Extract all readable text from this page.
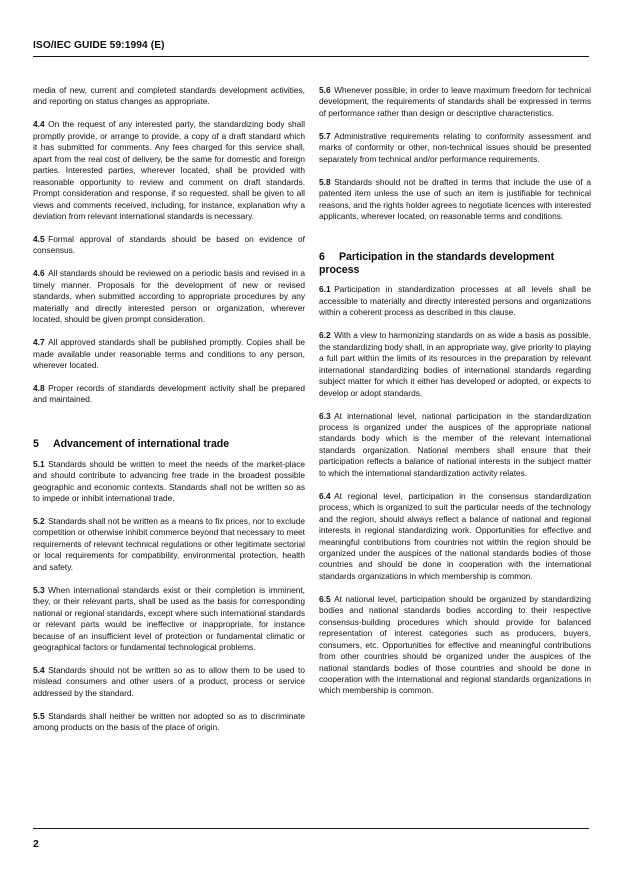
ISO/IEC GUIDE 59:1994 (E)

media of new, current and completed standards development activities, and reporting on status changes as appropriate.

4.4 On the request of any interested party, the standardizing body shall promptly provide, or arrange to provide, a copy of a draft standard which it has submitted for comments. Any fees charged for this service shall, apart from the real cost of delivery, be the same for domestic and foreign parties. Interested parties, wherever located, shall be provided with reasonable opportunity to review and comment on draft standards. Prompt consideration and response, if so requested, shall be given to all views and comments received, including, for instance, explanation why a deviation from relevant international standards is necessary.

4.5 Formal approval of standards should be based on evidence of consensus.

4.6 All standards should be reviewed on a periodic basis and revised in a timely manner. Proposals for the development of new or revised standards, when submitted according to appropriate procedures by any materially and directly interested person or organization, wherever located, should be given prompt consideration.

4.7 All approved standards shall be published promptly. Copies shall be made available under reasonable terms and conditions to any person, wherever located.

4.8 Proper records of standards development activity shall be prepared and maintained.

5 Advancement of international trade

5.1 Standards should be written to meet the needs of the market-place and should contribute to advancing free trade in the broadest possible geographic and economic contexts. Standards shall not be written so as to impede or inhibit international trade.

5.2 Standards shall not be written as a means to fix prices, nor to exclude competition or otherwise inhibit commerce beyond that necessary to meet requirements of relevant technical regulations or other legitimate sectorial or local requirements for compatibility, environmental protection, health and safety.

5.3 When international standards exist or their completion is imminent, they, or their relevant parts, shall be used as the basis for corresponding national or regional standards, except where such international standards or relevant parts would be ineffective or inappropriate, for instance because of an insufficient level of protection or fundamental climatic or geographical factors or fundamental technological problems.

5.4 Standards should not be written so as to allow them to be used to mislead consumers and other users of a product, process or service addressed by the standard.

5.5 Standards shall neither be written nor adopted so as to discriminate among products on the basis of the place of origin.

5.6 Whenever possible, in order to leave maximum freedom for technical development, the requirements of standards shall be expressed in terms of performance rather than design or descriptive characteristics.

5.7 Administrative requirements relating to conformity assessment and marks of conformity or other, non-technical issues should be presented separately from technical and/or performance requirements.

5.8 Standards should not be drafted in terms that include the use of a patented item unless the use of such an item is justifiable for technical reasons, and the rights holder agrees to negotiate licences with interested applicants, wherever located, on reasonable terms and conditions.

6 Participation in the standards development process

6.1 Participation in standardization processes at all levels shall be accessible to materially and directly interested persons and organizations within a coherent process as described in this clause.

6.2 With a view to harmonizing standards on as wide a basis as possible, the standardizing body shall, in an appropriate way, give priority to playing a full part within the limits of its resources in the preparation by relevant international standardizing bodies of international standards regarding subject matter for which it either has developed or adopted, or expects to develop or adopt standards.

6.3 At international level, national participation in the standardization process is organized under the auspices of the appropriate national standards body which is the member of the relevant international standards organization. National members shall ensure that their participation reflects a balance of national interests in the subject matter to which the international standardization activity relates.

6.4 At regional level, participation in the consensus standardization process, which is organized to suit the particular needs of the technology and the region, should always reflect a balance of national and regional interests in regional standardizing work. Opportunities for effective and meaningful contributions from countries not within the region should be organized under the auspices of the national standards bodies of those countries and should be done in cooperation with the international standards organizations in which membership is common.

6.5 At national level, participation should be organized by standardizing bodies and national standards bodies according to their respective consensus-building procedures which should provide for balanced representation of interest categories such as producers, buyers, consumers, etc. Opportunities for effective and meaningful contributions from other countries should be organized under the auspices of the national standards bodies of those countries and should be done in cooperation with the international and regional standards organizations in which membership is common.

2
